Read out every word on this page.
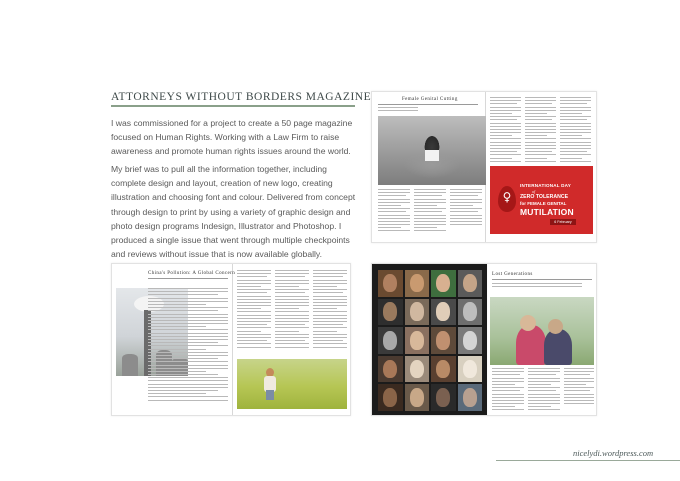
ATTORNEYS WITHOUT BORDERS MAGAZINE

I was commissioned for a project to create a 50 page magazine focused on Human Rights. Working with a Law Firm to raise awareness and promote human rights issues around the world.

My brief was to pull all the information together, including complete design and layout, creation of new logo, creating illustration and choosing font and colour. Delivered from concept through design to print by using a variety of graphic design and photo design programs Indesign, Illustrator and Photoshop. I produced a single issue that went through multiple checkpoints and reviews without issue that is now available globally.

Female Genital Cutting
♀
INTERNATIONAL DAY
of
ZERO TOLERANCE
for FEMALE GENITAL
MUTILATION
6 February
China's Pollution: A Global Concern	Lost Generations
nicelydi.wordpress.com
